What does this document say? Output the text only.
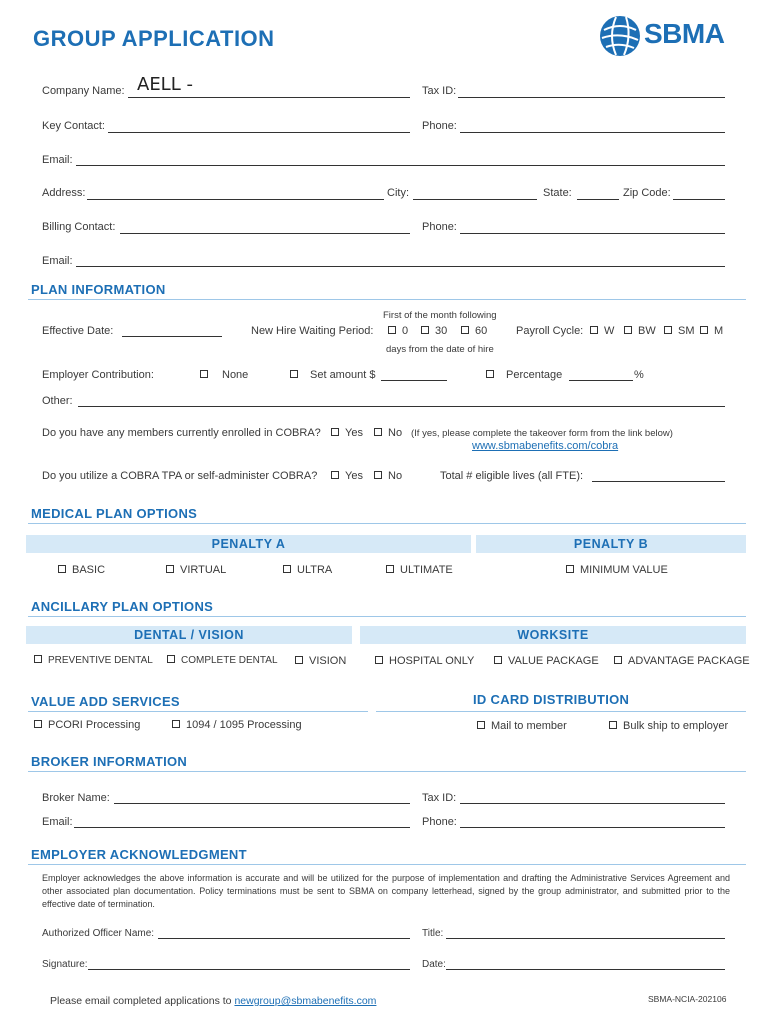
GROUP APPLICATION	SBMA
Company Name: AELL -	Tax ID:
Key Contact:	Phone:
Email:
Address:	City:	State:	Zip Code:
Billing Contact:	Phone:
Email:
PLAN INFORMATION
First of the month following
Effective Date:	New Hire Waiting Period:	0	30	60	Payroll Cycle:	W	BW	SM	M
days from the date of hire
Employer Contribution:	None	Set amount $	Percentage	%
Other:
Do you have any members currently enrolled in COBRA?	Yes	No (If yes, please complete the takeover form from the link below)
www.sbmabenefits.com/cobra
Do you utilize a COBRA TPA or self-administer COBRA?	Yes	No	Total # eligible lives (all FTE):
MEDICAL PLAN OPTIONS
PENALTY A	PENALTY B
BASIC	VIRTUAL	ULTRA	ULTIMATE	MINIMUM VALUE
ANCILLARY PLAN OPTIONS
DENTAL / VISION	WORKSITE
PREVENTIVE DENTAL	COMPLETE DENTAL	VISION	HOSPITAL ONLY	VALUE PACKAGE	ADVANTAGE PACKAGE
VALUE ADD SERVICES	ID CARD DISTRIBUTION
PCORI Processing	1094 / 1095 Processing	Mail to member	Bulk ship to employer
BROKER INFORMATION
Broker Name:	Tax ID:
Email:	Phone:
EMPLOYER ACKNOWLEDGMENT
Employer acknowledges the above information is accurate and will be utilized for the purpose of implementation and drafting the Administrative Services Agreement and other associated plan documentation. Policy terminations must be sent to SBMA on company letterhead, signed by the group administrator, and submitted prior to the effective date of termination.
Authorized Officer Name:	Title:
Signature:	Date:
Please email completed applications to newgroup@sbmabenefits.com	SBMA-NCIA-202106
